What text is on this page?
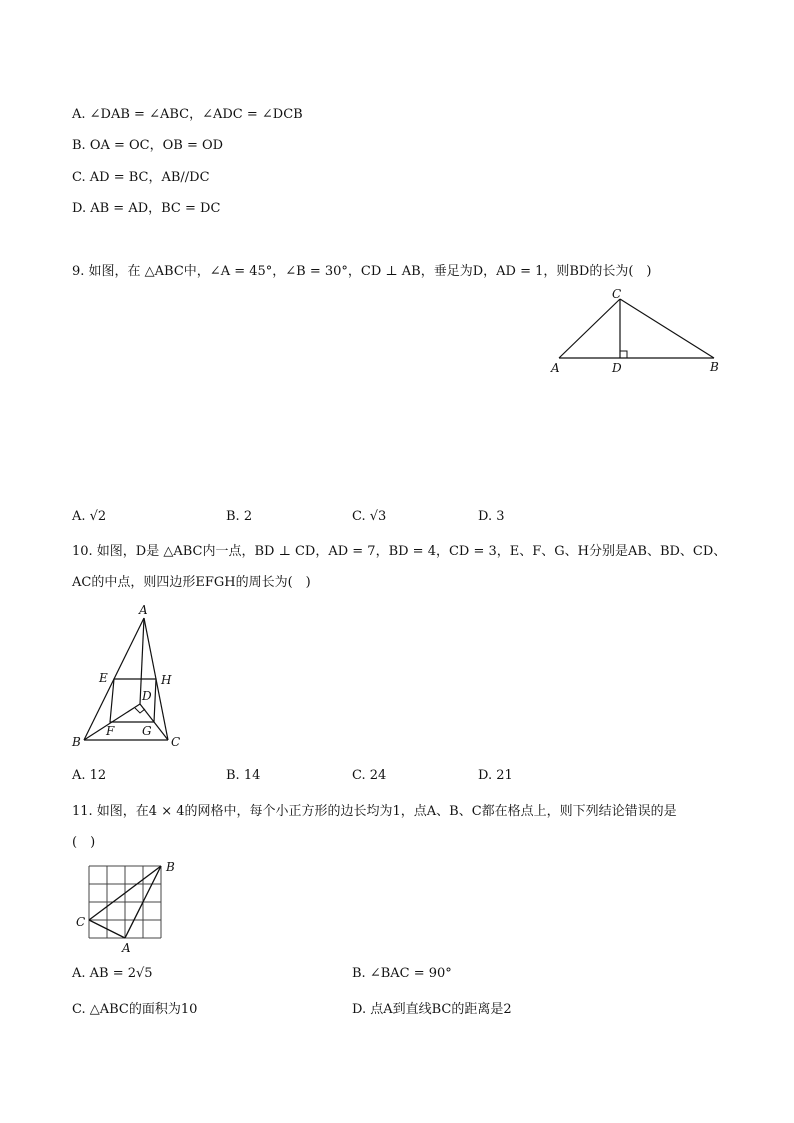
A. ∠DAB = ∠ABC，∠ADC = ∠DCB
B. OA = OC，OB = OD
C. AD = BC，AB//DC
D. AB = AD，BC = DC
9. 如图，在 △ABC中，∠A = 45°，∠B = 30°，CD ⊥ AB，垂足为D，AD = 1，则BD的长为(　)
C
A	D	B
A. √2	B. 2	C. √3	D. 3
10. 如图，D是 △ABC内一点，BD ⊥ CD，AD = 7，BD = 4，CD = 3，E、F、G、H分别是AB、BD、CD、
AC的中点，则四边形EFGH的周长为(　)
A
E	H
D
F G
B	C
A. 12	B. 14	C. 24	D. 21
11. 如图，在4 × 4的网格中，每个小正方形的边长均为1，点A、B、C都在格点上，则下列结论错误的是
(　)
B
C
A
A. AB = 2√5	B. ∠BAC = 90°
C. △ABC的面积为10	D. 点A到直线BC的距离是2
